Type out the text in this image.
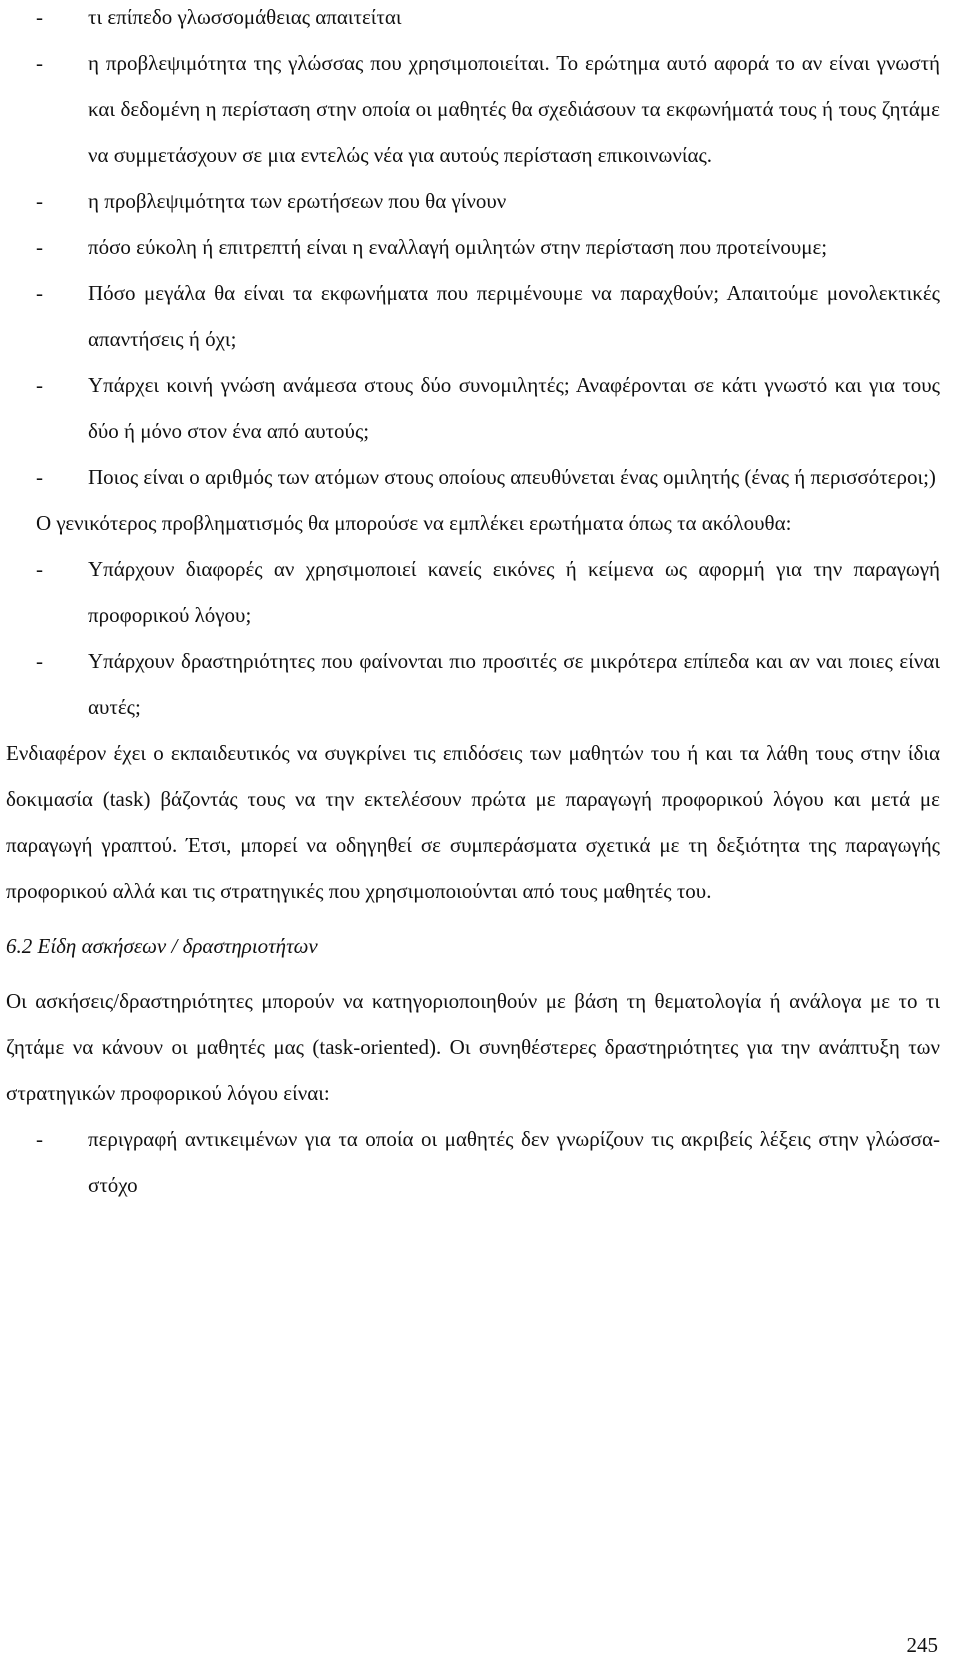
- τι επίπεδο γλωσσομάθειας απαιτείται
- η προβλεψιμότητα της γλώσσας που χρησιμοποιείται. Το ερώτημα αυτό αφορά το αν είναι γνωστή και δεδομένη η περίσταση στην οποία οι μαθητές θα σχεδιάσουν τα εκφωνήματά τους ή τους ζητάμε να συμμετάσχουν σε μια εντελώς νέα για αυτούς περίσταση επικοινωνίας.
- η προβλεψιμότητα των ερωτήσεων που θα γίνουν
- πόσο εύκολη ή επιτρεπτή είναι η εναλλαγή ομιλητών στην περίσταση που προτείνουμε;
- Πόσο μεγάλα θα είναι τα εκφωνήματα που περιμένουμε να παραχθούν; Απαιτούμε μονολεκτικές απαντήσεις ή όχι;
- Υπάρχει κοινή γνώση ανάμεσα στους δύο συνομιλητές; Αναφέρονται σε κάτι γνωστό και για τους δύο ή μόνο στον ένα από αυτούς;
- Ποιος είναι ο αριθμός των ατόμων στους οποίους απευθύνεται ένας ομιλητής (ένας ή περισσότεροι;)
Ο γενικότερος προβληματισμός θα μπορούσε να εμπλέκει ερωτήματα όπως τα ακόλουθα:
- Υπάρχουν διαφορές αν χρησιμοποιεί κανείς εικόνες ή κείμενα ως αφορμή για την παραγωγή προφορικού λόγου;
- Υπάρχουν δραστηριότητες που φαίνονται πιο προσιτές σε μικρότερα επίπεδα και αν ναι ποιες είναι αυτές;
Ενδιαφέρον έχει ο εκπαιδευτικός να συγκρίνει τις επιδόσεις των μαθητών του ή και τα λάθη τους στην ίδια δοκιμασία (task) βάζοντάς τους να την εκτελέσουν πρώτα με παραγωγή προφορικού λόγου και μετά με παραγωγή γραπτού. Έτσι, μπορεί να οδηγηθεί σε συμπεράσματα σχετικά με τη δεξιότητα της παραγωγής προφορικού αλλά και τις στρατηγικές που χρησιμοποιούνται από τους μαθητές του.
6.2 Είδη ασκήσεων / δραστηριοτήτων
Οι ασκήσεις/δραστηριότητες μπορούν να κατηγοριοποιηθούν με βάση τη θεματολογία ή ανάλογα με το τι ζητάμε να κάνουν οι μαθητές μας (task-oriented). Οι συνηθέστερες δραστηριότητες για την ανάπτυξη των στρατηγικών προφορικού λόγου είναι:
- περιγραφή αντικειμένων για τα οποία οι μαθητές δεν γνωρίζουν τις ακριβείς λέξεις στην γλώσσα-στόχο
245
